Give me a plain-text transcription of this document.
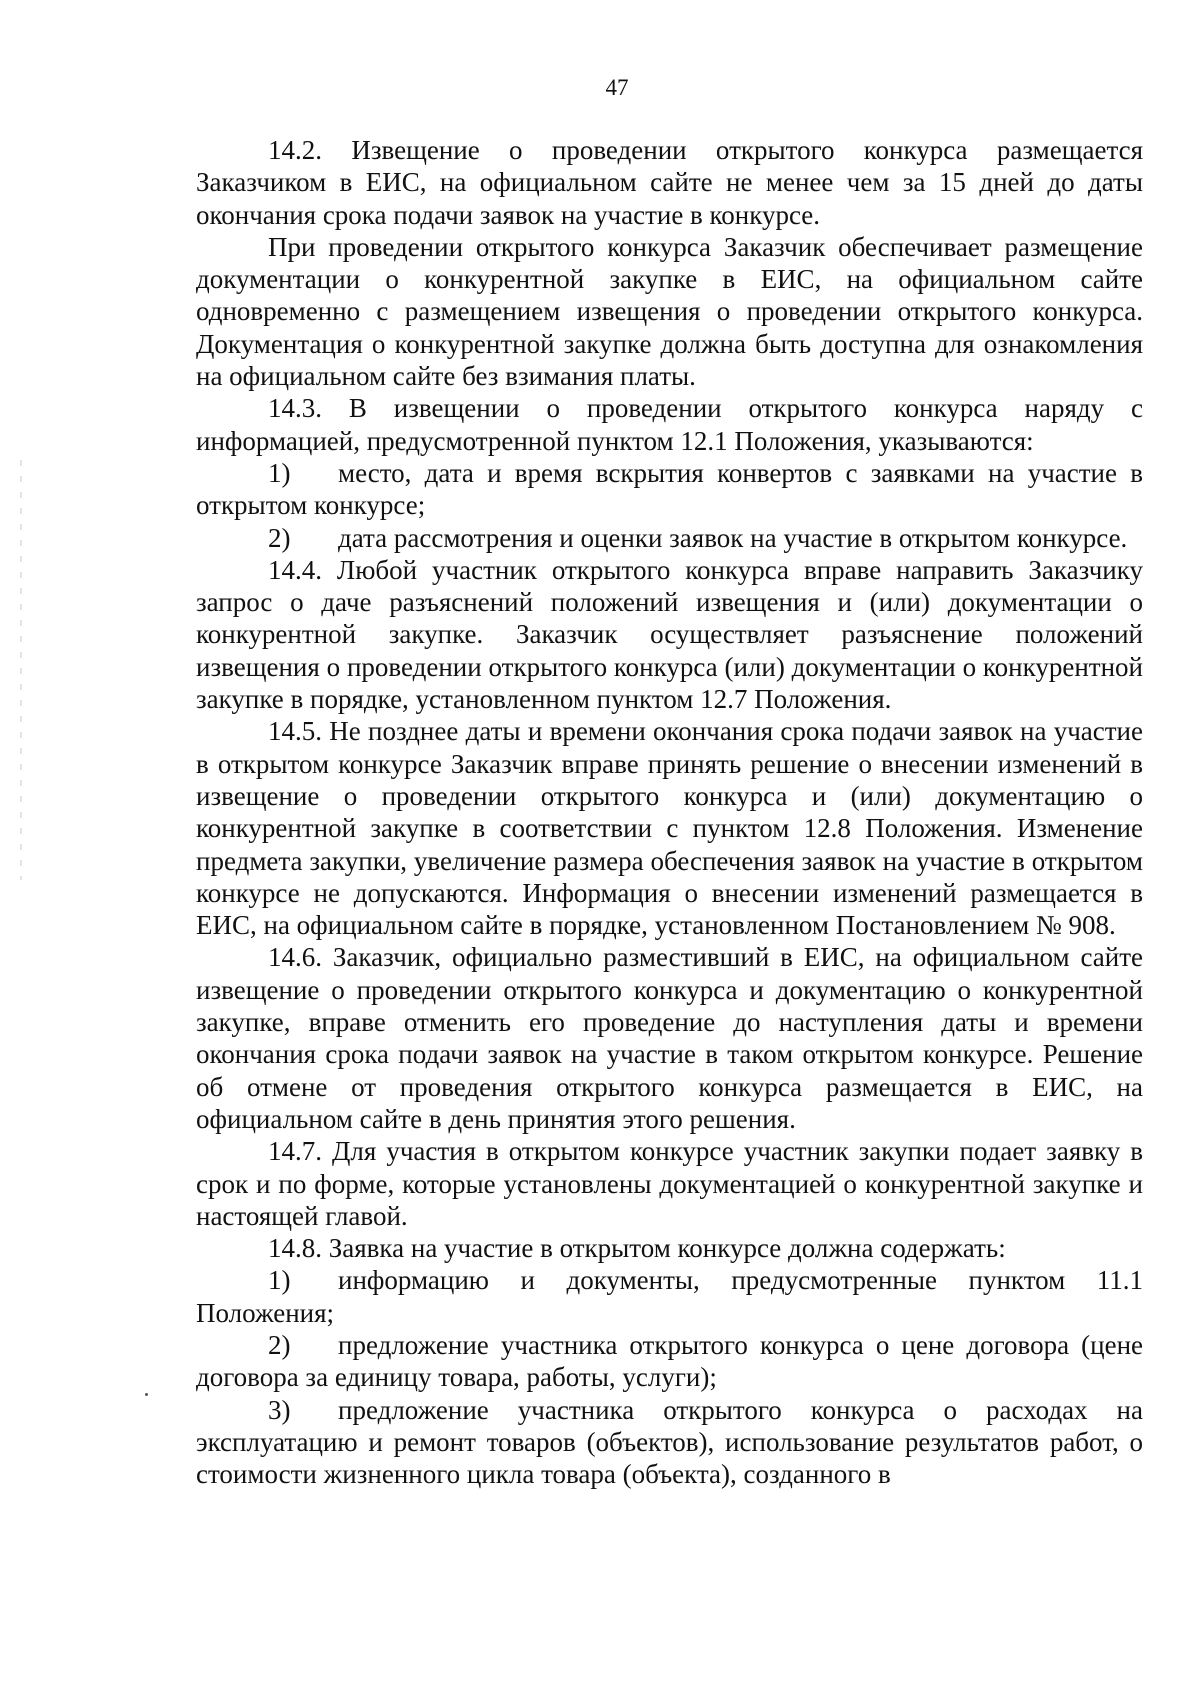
47

14.2. Извещение о проведении открытого конкурса размещается Заказчиком в ЕИС, на официальном сайте не менее чем за 15 дней до даты окончания срока подачи заявок на участие в конкурсе.

При проведении открытого конкурса Заказчик обеспечивает размещение документации о конкурентной закупке в ЕИС, на официальном сайте одновременно с размещением извещения о проведении открытого конкурса. Документация о конкурентной закупке должна быть доступна для ознакомления на официальном сайте без взимания платы.

14.3. В извещении о проведении открытого конкурса наряду с информацией, предусмотренной пунктом 12.1 Положения, указываются:

1) место, дата и время вскрытия конвертов с заявками на участие в открытом конкурсе;

2) дата рассмотрения и оценки заявок на участие в открытом конкурсе.

14.4. Любой участник открытого конкурса вправе направить Заказчику запрос о даче разъяснений положений извещения и (или) документации о конкурентной закупке. Заказчик осуществляет разъяснение положений извещения о проведении открытого конкурса (или) документации о конкурентной закупке в порядке, установленном пунктом 12.7 Положения.

14.5. Не позднее даты и времени окончания срока подачи заявок на участие в открытом конкурсе Заказчик вправе принять решение о внесении изменений в извещение о проведении открытого конкурса и (или) документацию о конкурентной закупке в соответствии с пунктом 12.8 Положения. Изменение предмета закупки, увеличение размера обеспечения заявок на участие в открытом конкурсе не допускаются. Информация о внесении изменений размещается в ЕИС, на официальном сайте в порядке, установленном Постановлением № 908.

14.6. Заказчик, официально разместивший в ЕИС, на официальном сайте извещение о проведении открытого конкурса и документацию о конкурентной закупке, вправе отменить его проведение до наступления даты и времени окончания срока подачи заявок на участие в таком открытом конкурсе. Решение об отмене от проведения открытого конкурса размещается в ЕИС, на официальном сайте в день принятия этого решения.

14.7. Для участия в открытом конкурсе участник закупки подает заявку в срок и по форме, которые установлены документацией о конкурентной закупке и настоящей главой.

14.8. Заявка на участие в открытом конкурсе должна содержать:

1) информацию и документы, предусмотренные пунктом 11.1 Положения;

2) предложение участника открытого конкурса о цене договора (цене договора за единицу товара, работы, услуги);

3) предложение участника открытого конкурса о расходах на эксплуатацию и ремонт товаров (объектов), использование результатов работ, о стоимости жизненного цикла товара (объекта), созданного в
